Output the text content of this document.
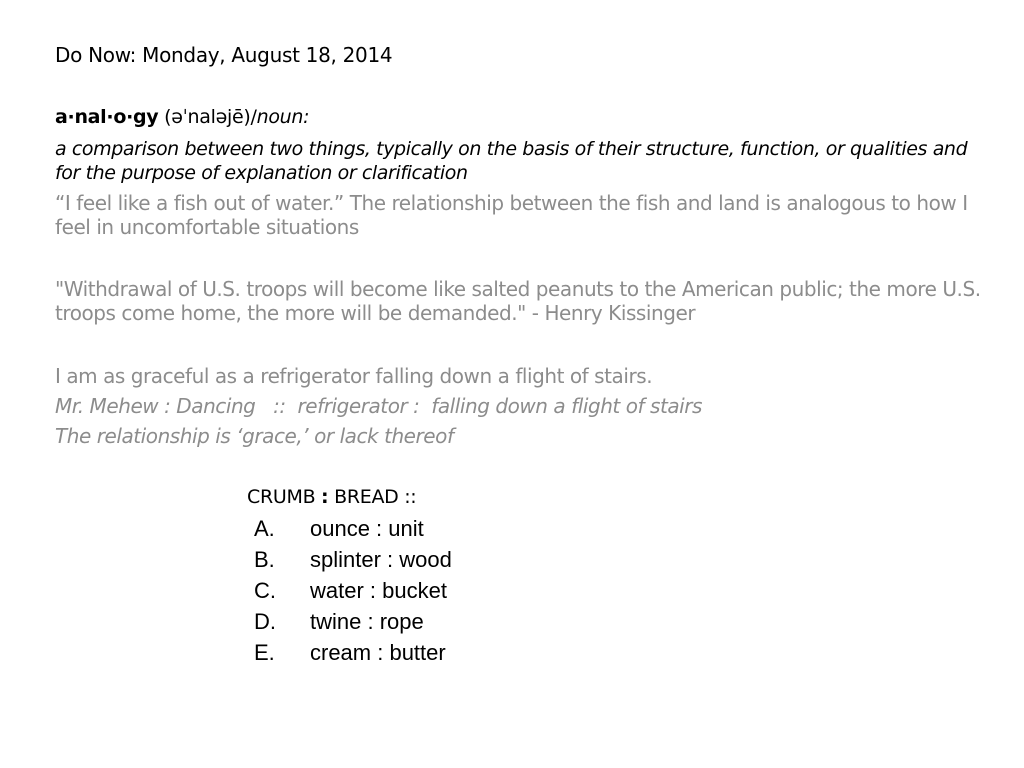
Do Now: Monday, August 18, 2014
a·nal·o·gy (əˈnaləjē)/noun:
a comparison between two things, typically on the basis of their structure, function, or qualities and for the purpose of explanation or clarification
“I feel like a fish out of water.” The relationship between the fish and land is analogous to how I feel in uncomfortable situations
"Withdrawal of U.S. troops will become like salted peanuts to the American public; the more U.S. troops come home, the more will be demanded." - Henry Kissinger
I am as graceful as a refrigerator falling down a flight of stairs.
Mr. Mehew : Dancing   ::  refrigerator :  falling down a flight of stairs
The relationship is ‘grace,’ or lack thereof
CRUMB : BREAD ::
A.	ounce : unit
B.	splinter : wood
C.	water : bucket
D.	twine : rope
E.	cream : butter
